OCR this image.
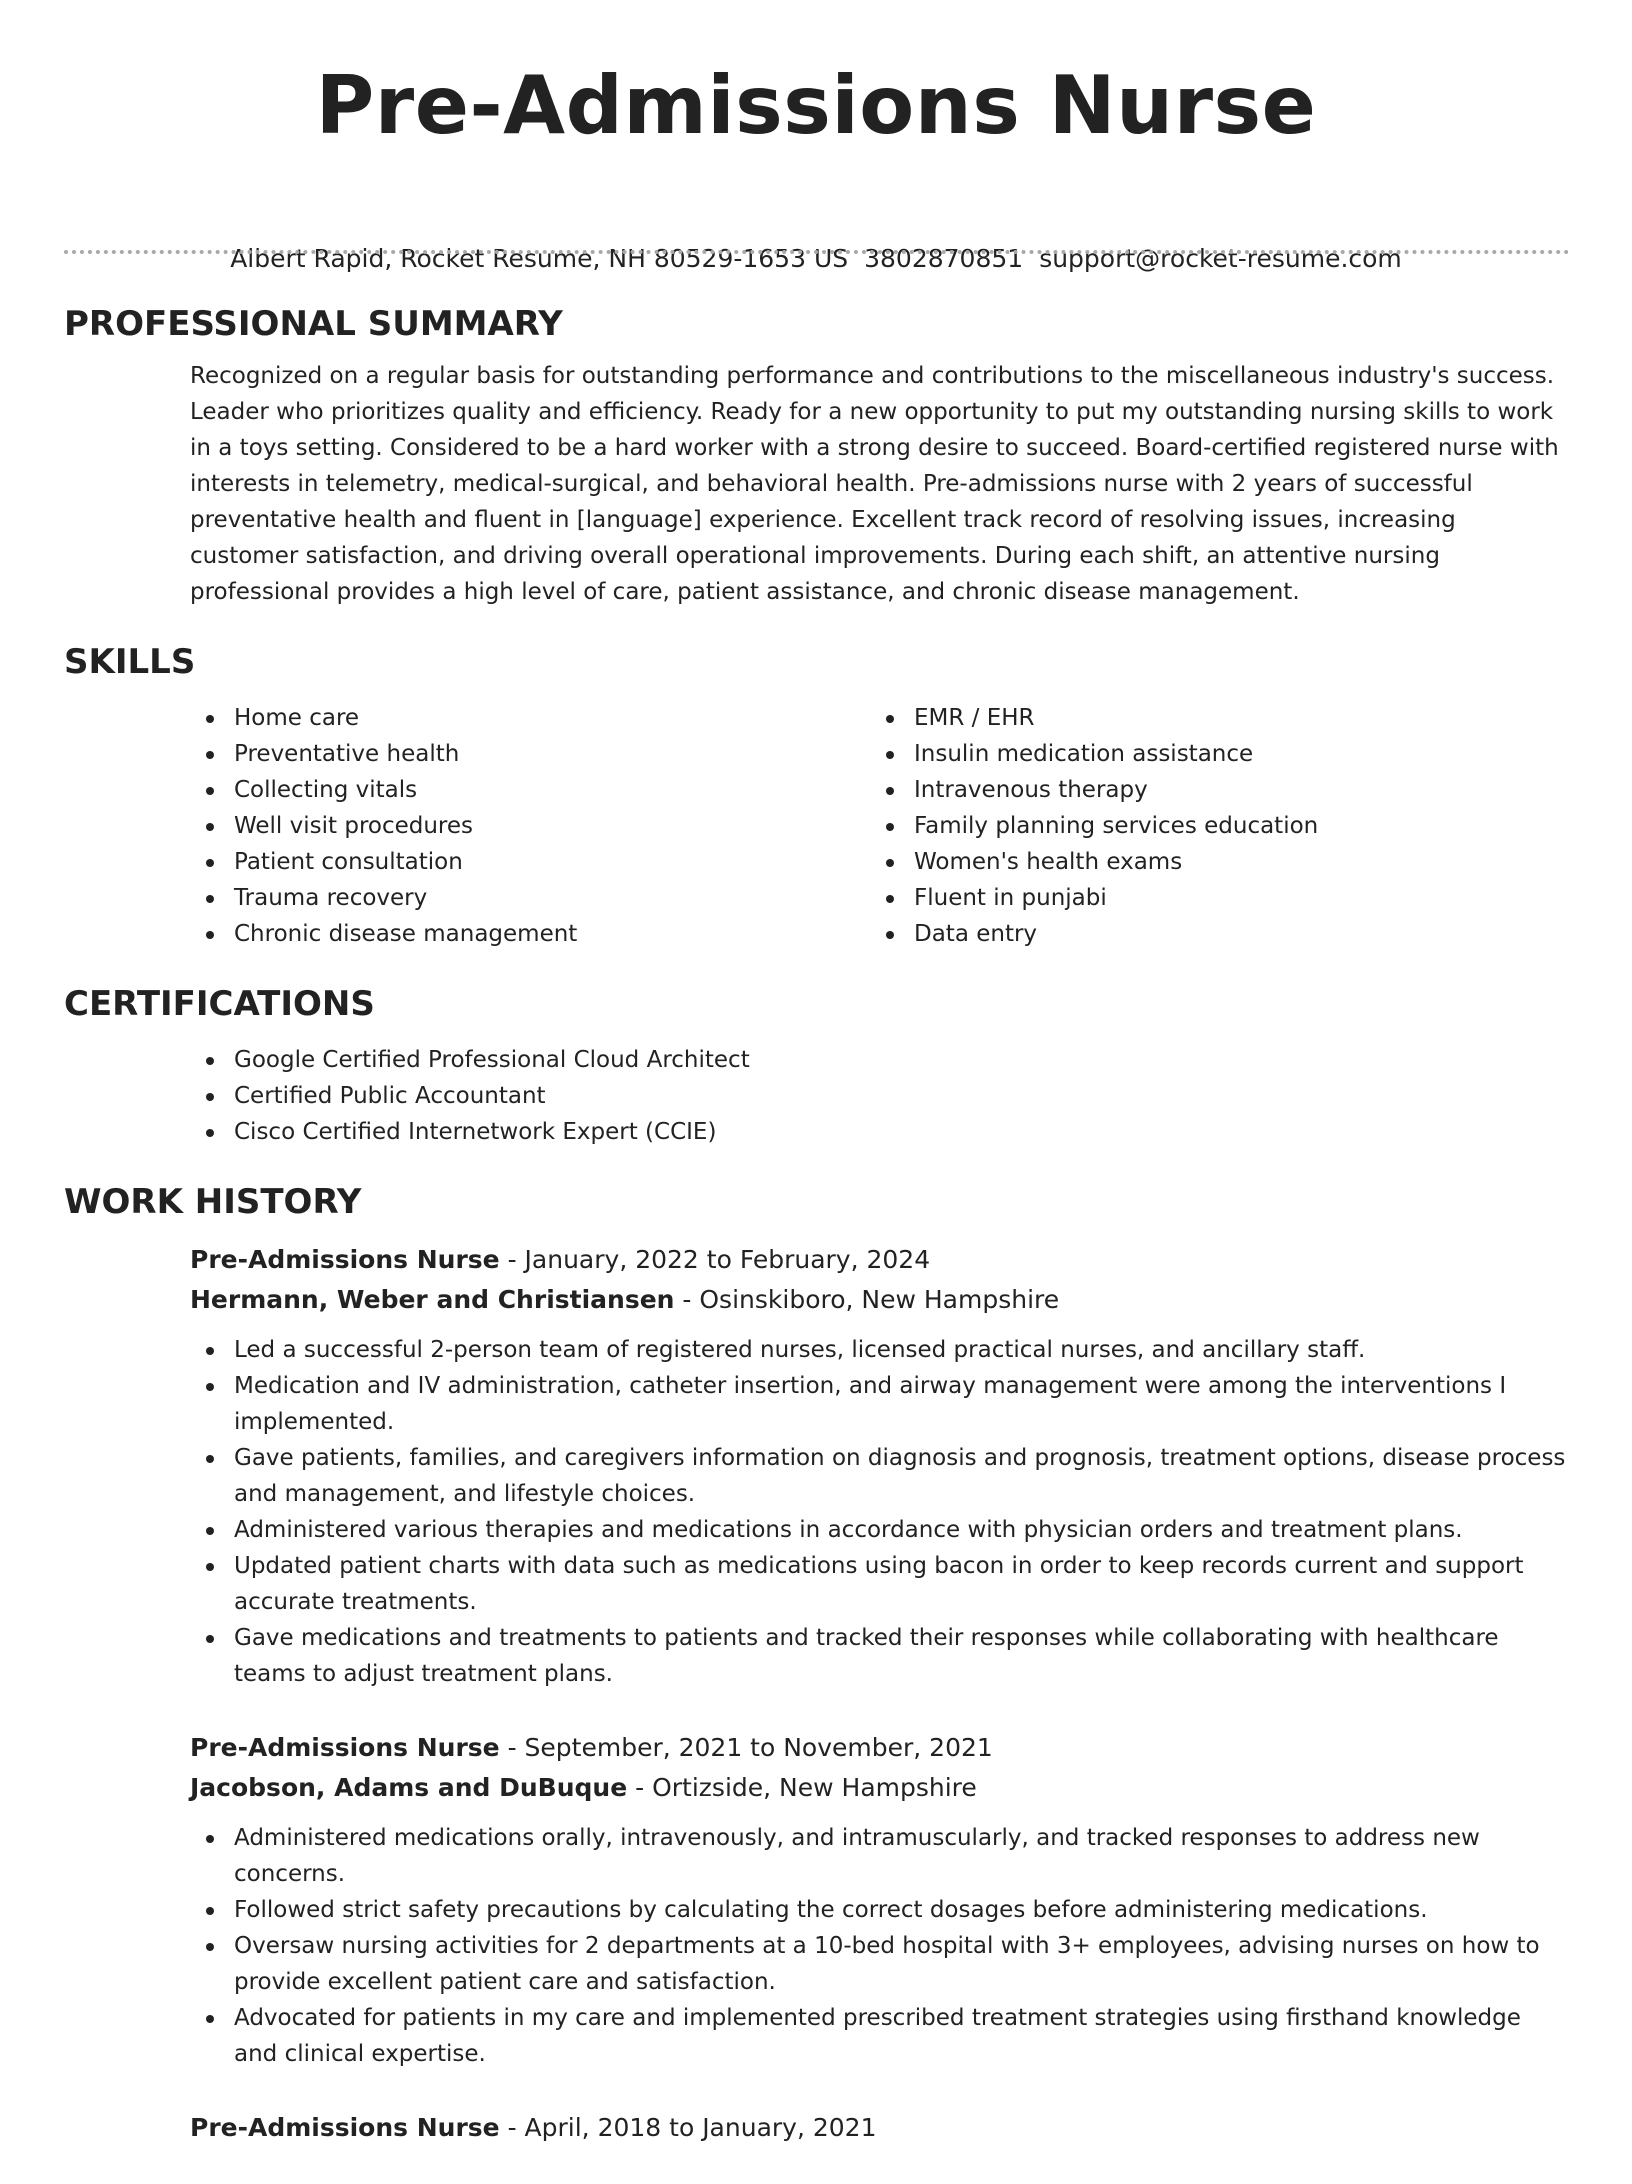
Pre-Admissions Nurse
Albert Rapid, Rocket Resume, NH 80529-1653 US 3802870851 support@rocket-resume.com
PROFESSIONAL SUMMARY

Recognized on a regular basis for outstanding performance and contributions to the miscellaneous industry's success. Leader who prioritizes quality and efficiency. Ready for a new opportunity to put my outstanding nursing skills to work in a toys setting. Considered to be a hard worker with a strong desire to succeed. Board-certified registered nurse with interests in telemetry, medical-surgical, and behavioral health. Pre-admissions nurse with 2 years of successful preventative health and fluent in [language] experience. Excellent track record of resolving issues, increasing customer satisfaction, and driving overall operational improvements. During each shift, an attentive nursing professional provides a high level of care, patient assistance, and chronic disease management.

SKILLS
Home care
Preventative health
Collecting vitals
Well visit procedures
Patient consultation
Trauma recovery
Chronic disease management
EMR / EHR
Insulin medication assistance
Intravenous therapy
Family planning services education
Women's health exams
Fluent in punjabi
Data entry
CERTIFICATIONS
Google Certified Professional Cloud Architect
Certified Public Accountant
Cisco Certified Internetwork Expert (CCIE)
WORK HISTORY
Pre-Admissions Nurse - January, 2022 to February, 2024
Hermann, Weber and Christiansen - Osinskiboro, New Hampshire
Led a successful 2-person team of registered nurses, licensed practical nurses, and ancillary staff.
Medication and IV administration, catheter insertion, and airway management were among the interventions I implemented.
Gave patients, families, and caregivers information on diagnosis and prognosis, treatment options, disease process and management, and lifestyle choices.
Administered various therapies and medications in accordance with physician orders and treatment plans.
Updated patient charts with data such as medications using bacon in order to keep records current and support accurate treatments.
Gave medications and treatments to patients and tracked their responses while collaborating with healthcare teams to adjust treatment plans.
Pre-Admissions Nurse - September, 2021 to November, 2021
Jacobson, Adams and DuBuque - Ortizside, New Hampshire
Administered medications orally, intravenously, and intramuscularly, and tracked responses to address new concerns.
Followed strict safety precautions by calculating the correct dosages before administering medications.
Oversaw nursing activities for 2 departments at a 10-bed hospital with 3+ employees, advising nurses on how to provide excellent patient care and satisfaction.
Advocated for patients in my care and implemented prescribed treatment strategies using firsthand knowledge and clinical expertise.
Pre-Admissions Nurse - April, 2018 to January, 2021
